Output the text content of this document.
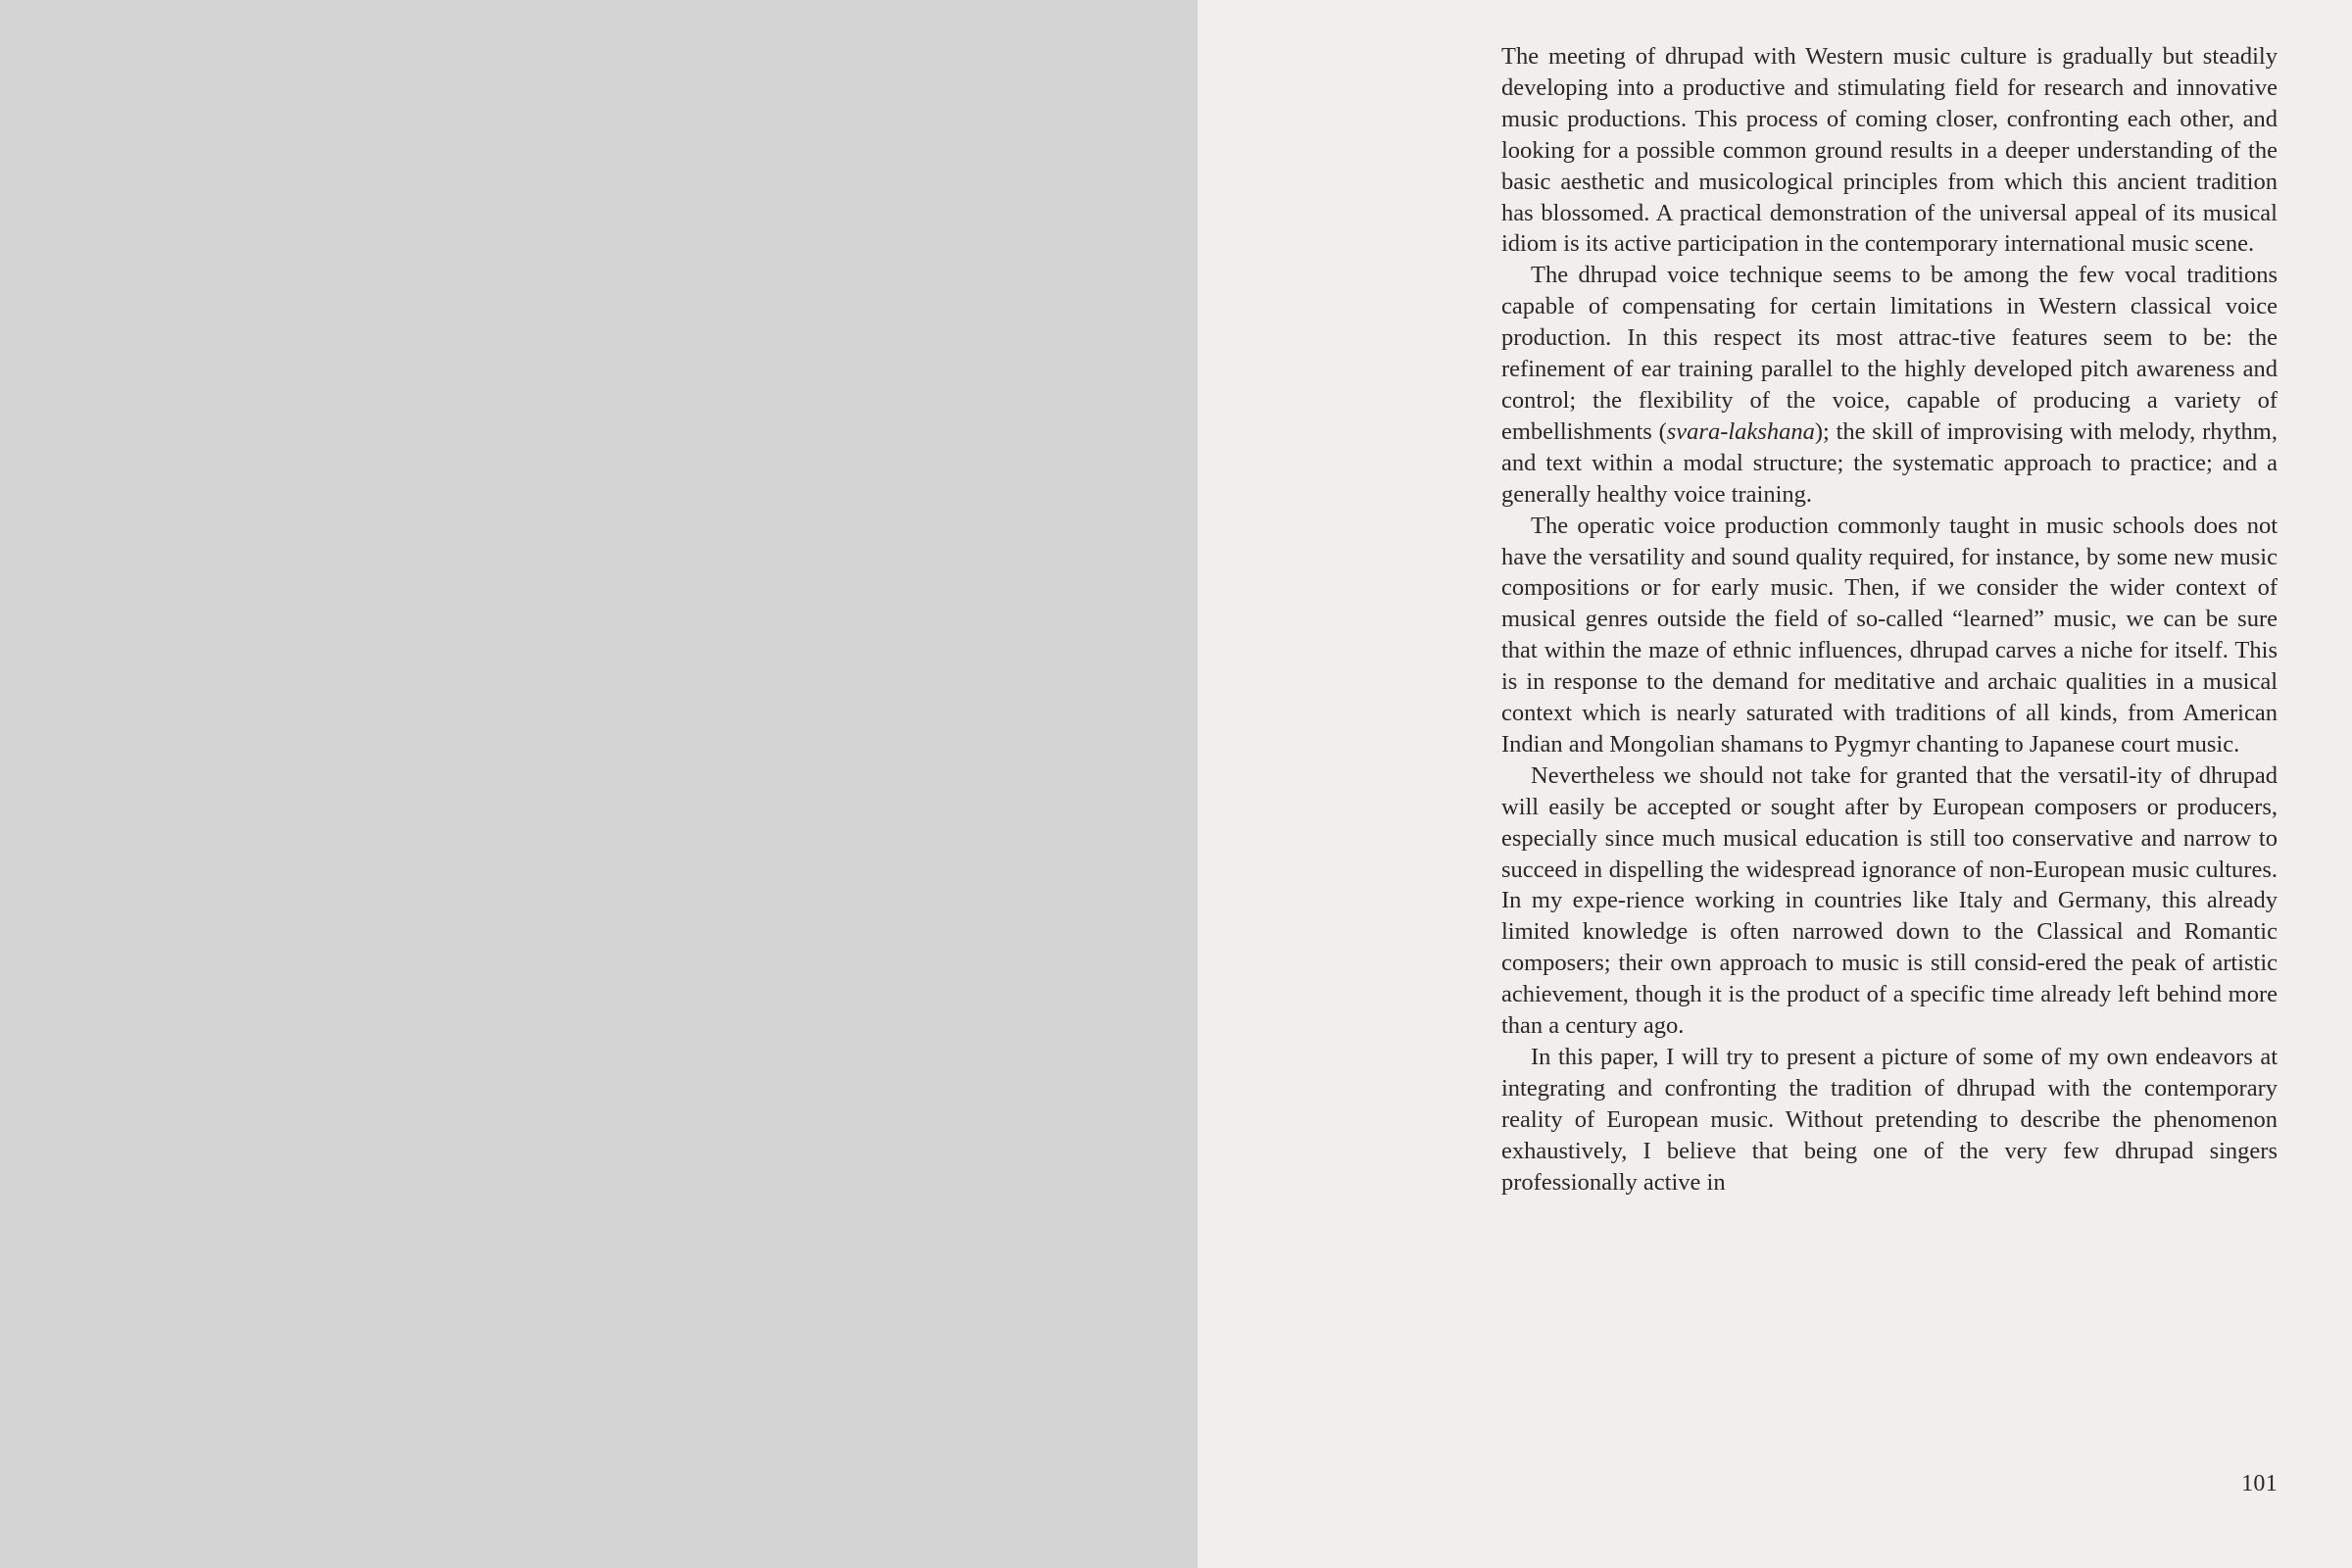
The meeting of dhrupad with Western music culture is gradually but steadily developing into a productive and stimulating field for research and innovative music productions. This process of coming closer, confronting each other, and looking for a possible common ground results in a deeper understanding of the basic aesthetic and musicological principles from which this ancient tradition has blossomed. A practical demonstration of the universal appeal of its musical idiom is its active participation in the contemporary international music scene.

The dhrupad voice technique seems to be among the few vocal traditions capable of compensating for certain limitations in Western classical voice production. In this respect its most attrac-tive features seem to be: the refinement of ear training parallel to the highly developed pitch awareness and control; the flexibility of the voice, capable of producing a variety of embellishments (svara-lakshana); the skill of improvising with melody, rhythm, and text within a modal structure; the systematic approach to practice; and a generally healthy voice training.

The operatic voice production commonly taught in music schools does not have the versatility and sound quality required, for instance, by some new music compositions or for early music. Then, if we consider the wider context of musical genres outside the field of so-called “learned” music, we can be sure that within the maze of ethnic influences, dhrupad carves a niche for itself. This is in response to the demand for meditative and archaic qualities in a musical context which is nearly saturated with traditions of all kinds, from American Indian and Mongolian shamans to Pygmyr chanting to Japanese court music.

Nevertheless we should not take for granted that the versatil-ity of dhrupad will easily be accepted or sought after by European composers or producers, especially since much musical education is still too conservative and narrow to succeed in dispelling the widespread ignorance of non-European music cultures. In my expe-rience working in countries like Italy and Germany, this already limited knowledge is often narrowed down to the Classical and Romantic composers; their own approach to music is still consid-ered the peak of artistic achievement, though it is the product of a specific time already left behind more than a century ago.

In this paper, I will try to present a picture of some of my own endeavors at integrating and confronting the tradition of dhrupad with the contemporary reality of European music. Without pretending to describe the phenomenon exhaustively, I believe that being one of the very few dhrupad singers professionally active in

101
